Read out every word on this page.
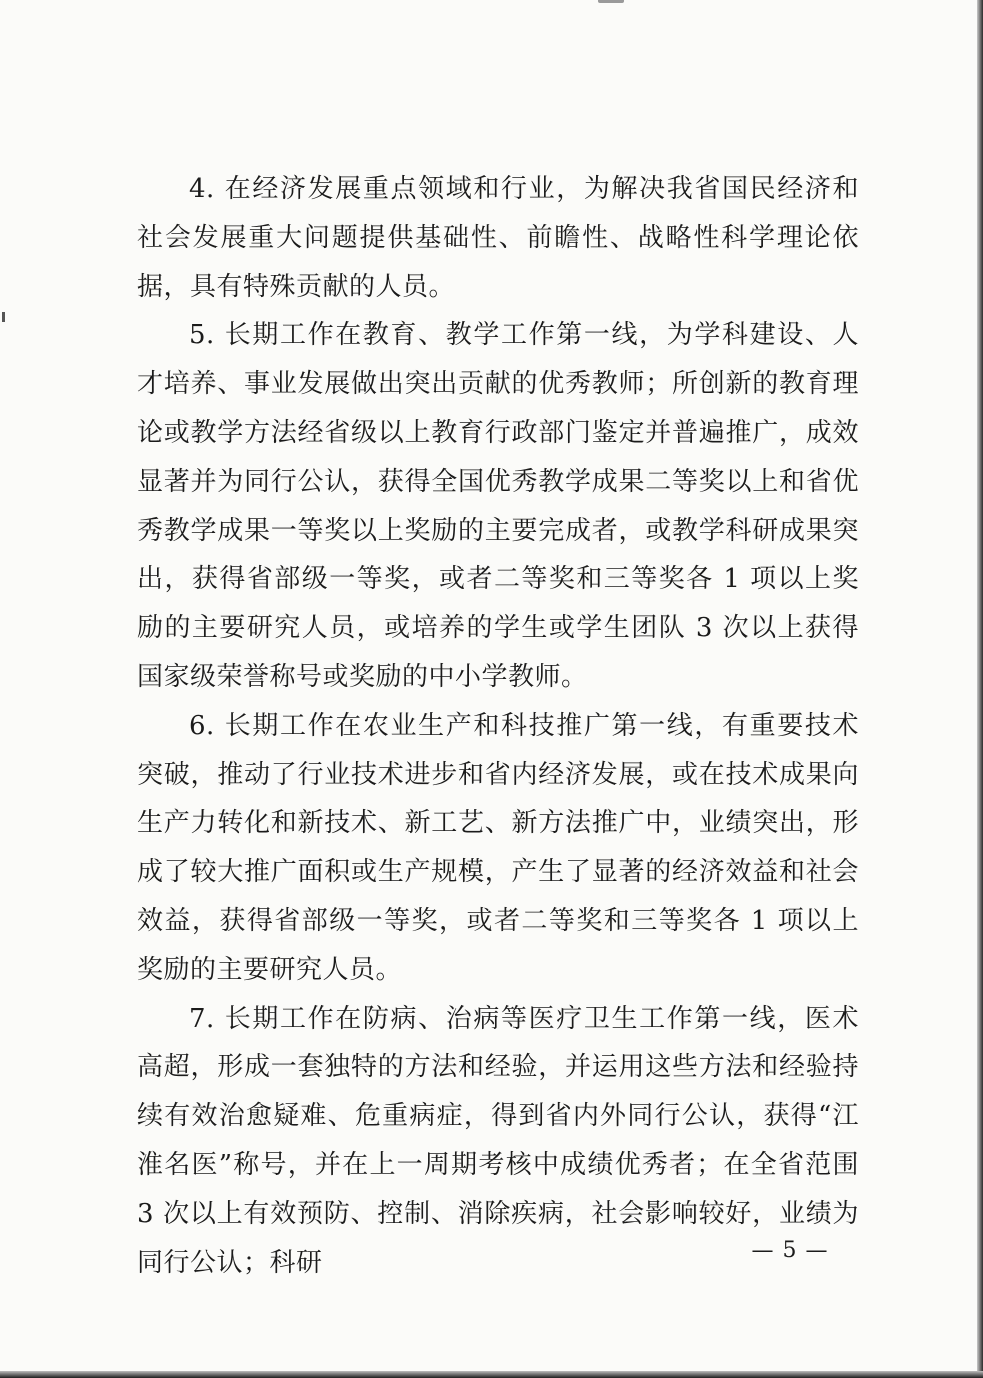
4. 在经济发展重点领域和行业，为解决我省国民经济和社会发展重大问题提供基础性、前瞻性、战略性科学理论依据，具有特殊贡献的人员。

5. 长期工作在教育、教学工作第一线，为学科建设、人才培养、事业发展做出突出贡献的优秀教师；所创新的教育理论或教学方法经省级以上教育行政部门鉴定并普遍推广，成效显著并为同行公认，获得全国优秀教学成果二等奖以上和省优秀教学成果一等奖以上奖励的主要完成者，或教学科研成果突出，获得省部级一等奖，或者二等奖和三等奖各 1 项以上奖励的主要研究人员，或培养的学生或学生团队 3 次以上获得国家级荣誉称号或奖励的中小学教师。

6. 长期工作在农业生产和科技推广第一线，有重要技术突破，推动了行业技术进步和省内经济发展，或在技术成果向生产力转化和新技术、新工艺、新方法推广中，业绩突出，形成了较大推广面积或生产规模，产生了显著的经济效益和社会效益，获得省部级一等奖，或者二等奖和三等奖各 1 项以上奖励的主要研究人员。

7. 长期工作在防病、治病等医疗卫生工作第一线，医术高超，形成一套独特的方法和经验，并运用这些方法和经验持续有效治愈疑难、危重病症，得到省内外同行公认，获得“江淮名医”称号，并在上一周期考核中成绩优秀者；在全省范围 3 次以上有效预防、控制、消除疾病，社会影响较好，业绩为同行公认；科研	— 5 —
